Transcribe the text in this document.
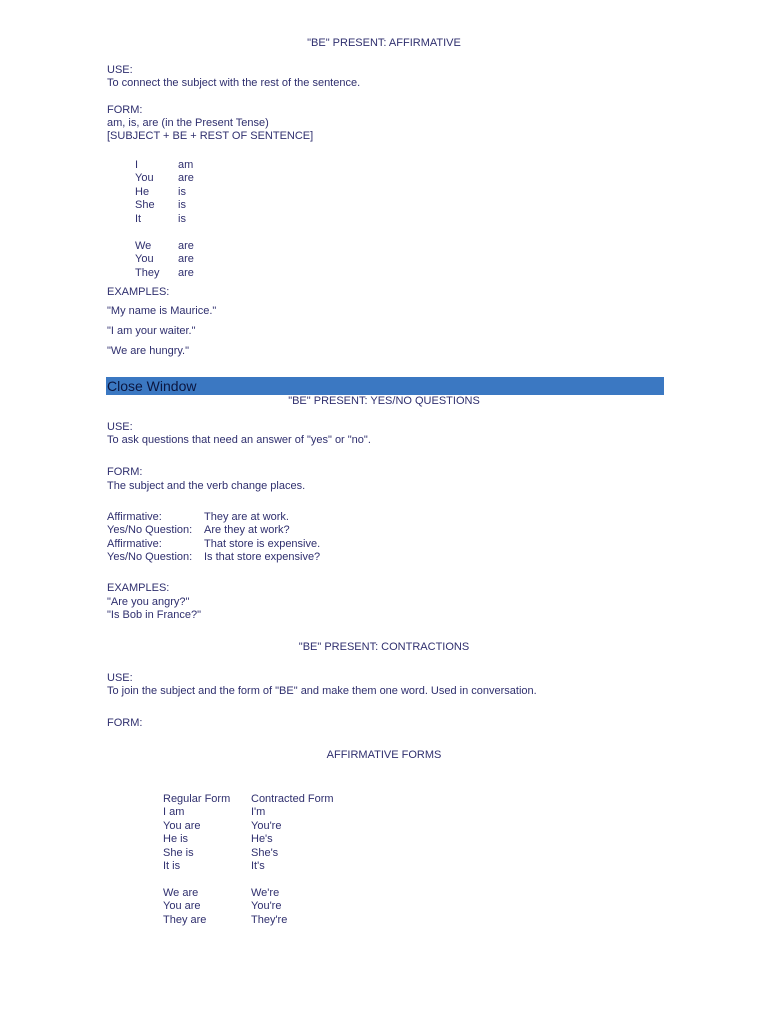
"BE" PRESENT: AFFIRMATIVE
USE:
To connect the subject with the rest of the sentence.
FORM:
am, is, are (in the Present Tense)
[SUBJECT + BE + REST OF SENTENCE]
I	am
You	are
He	is
She	is
It	is
We	are
You	are
They	are
EXAMPLES:
"My name is Maurice."
"I am your waiter."
"We are hungry."
Close Window
"BE" PRESENT: YES/NO QUESTIONS
USE:
To ask questions that need an answer of "yes" or "no".
FORM:
The subject and the verb change places.
Affirmative:	They are at work.
Yes/No Question:	Are they at work?
Affirmative:	That store is expensive.
Yes/No Question:	Is that store expensive?
EXAMPLES:
"Are you angry?"
"Is Bob in France?"
"BE" PRESENT: CONTRACTIONS
USE:
To join the subject and the form of "BE" and make them one word. Used in conversation.
FORM:
AFFIRMATIVE FORMS
Regular Form	Contracted Form
I am	I'm
You are	You're
He is	He's
She is	She's
It is	It's
We are	We're
You are	You're
They are	They're
